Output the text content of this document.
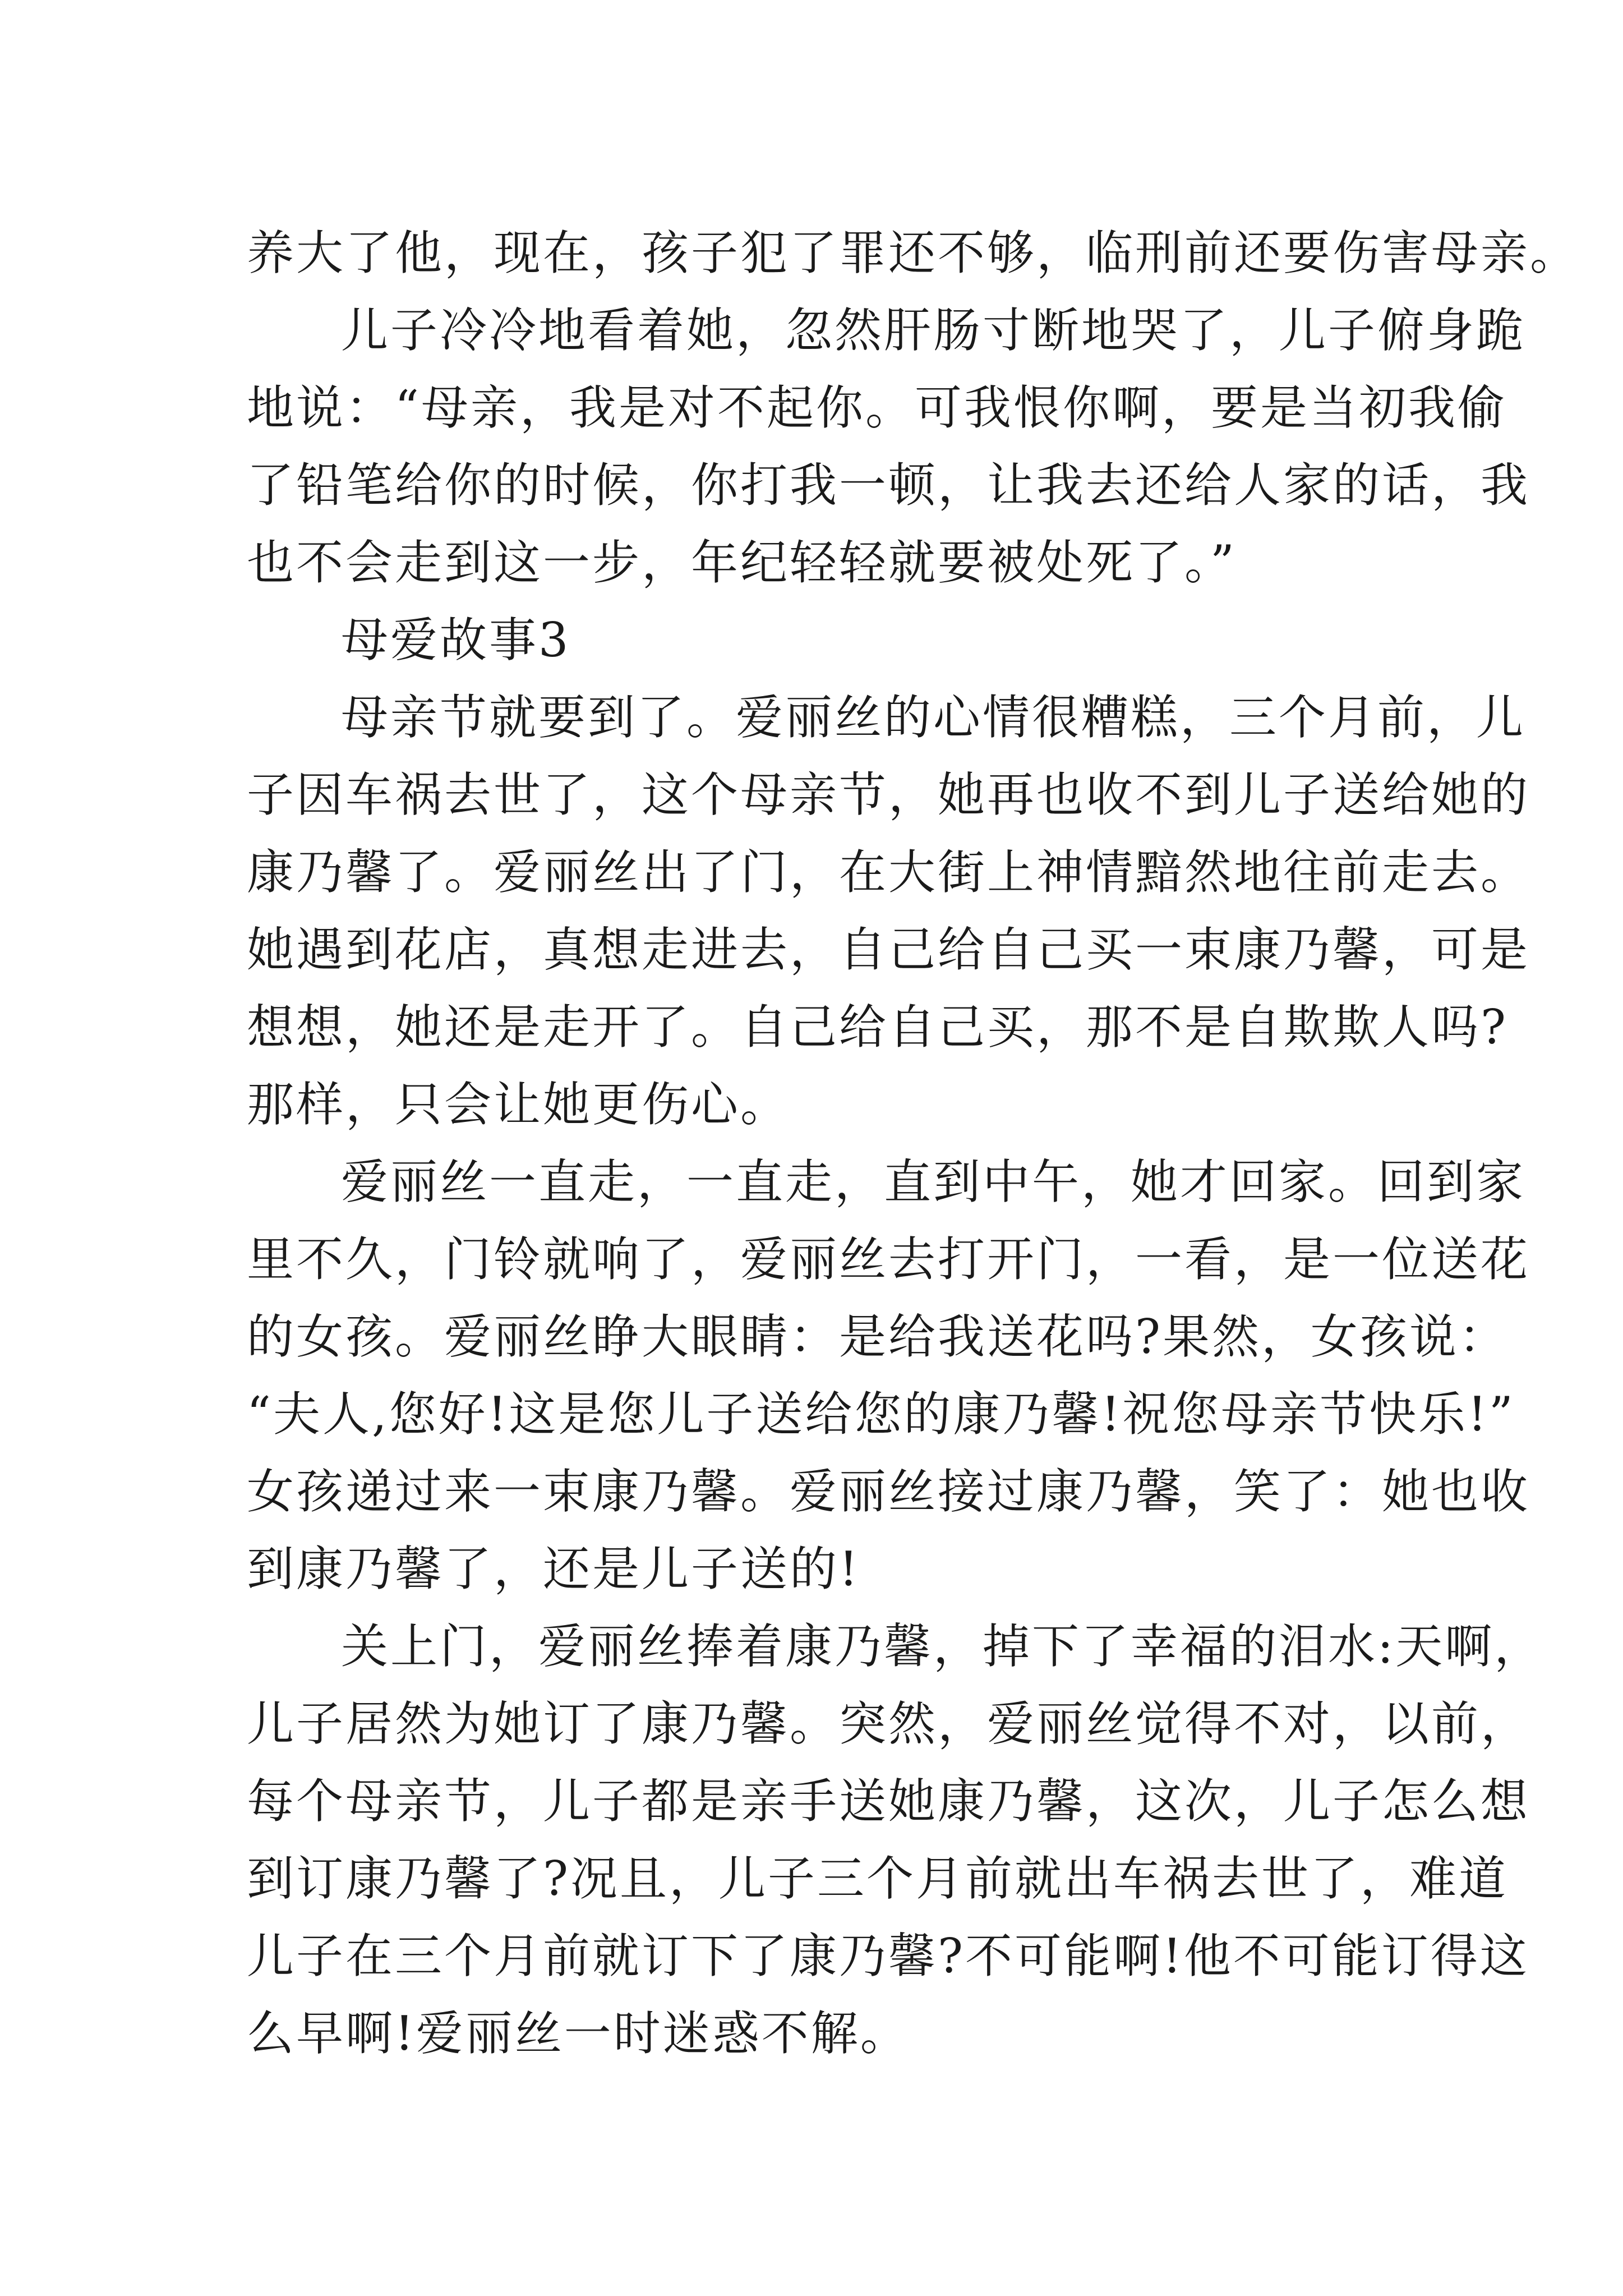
养大了他，现在，孩子犯了罪还不够，临刑前还要伤害母亲。

儿子冷冷地看着她，忽然肝肠寸断地哭了，儿子俯身跪

地说：“母亲，我是对不起你。可我恨你啊，要是当初我偷

了铅笔给你的时候，你打我一顿，让我去还给人家的话，我

也不会走到这一步，年纪轻轻就要被处死了。”

母爱故事3

母亲节就要到了。爱丽丝的心情很糟糕，三个月前，儿

子因车祸去世了，这个母亲节，她再也收不到儿子送给她的

康乃馨了。爱丽丝出了门，在大街上神情黯然地往前走去。

她遇到花店，真想走进去，自己给自己买一束康乃馨，可是

想想，她还是走开了。自己给自己买，那不是自欺欺人吗?

那样，只会让她更伤心。

爱丽丝一直走，一直走，直到中午，她才回家。回到家

里不久，门铃就响了，爱丽丝去打开门，一看，是一位送花

的女孩。爱丽丝睁大眼睛：是给我送花吗?果然，女孩说：

“夫人,您好!这是您儿子送给您的康乃馨!祝您母亲节快乐!”

女孩递过来一束康乃馨。爱丽丝接过康乃馨，笑了：她也收

到康乃馨了，还是儿子送的!

关上门，爱丽丝捧着康乃馨，掉下了幸福的泪水:天啊，

儿子居然为她订了康乃馨。突然，爱丽丝觉得不对，以前，

每个母亲节，儿子都是亲手送她康乃馨，这次，儿子怎么想

到订康乃馨了?况且，儿子三个月前就出车祸去世了，难道

儿子在三个月前就订下了康乃馨?不可能啊!他不可能订得这

么早啊!爱丽丝一时迷惑不解。
